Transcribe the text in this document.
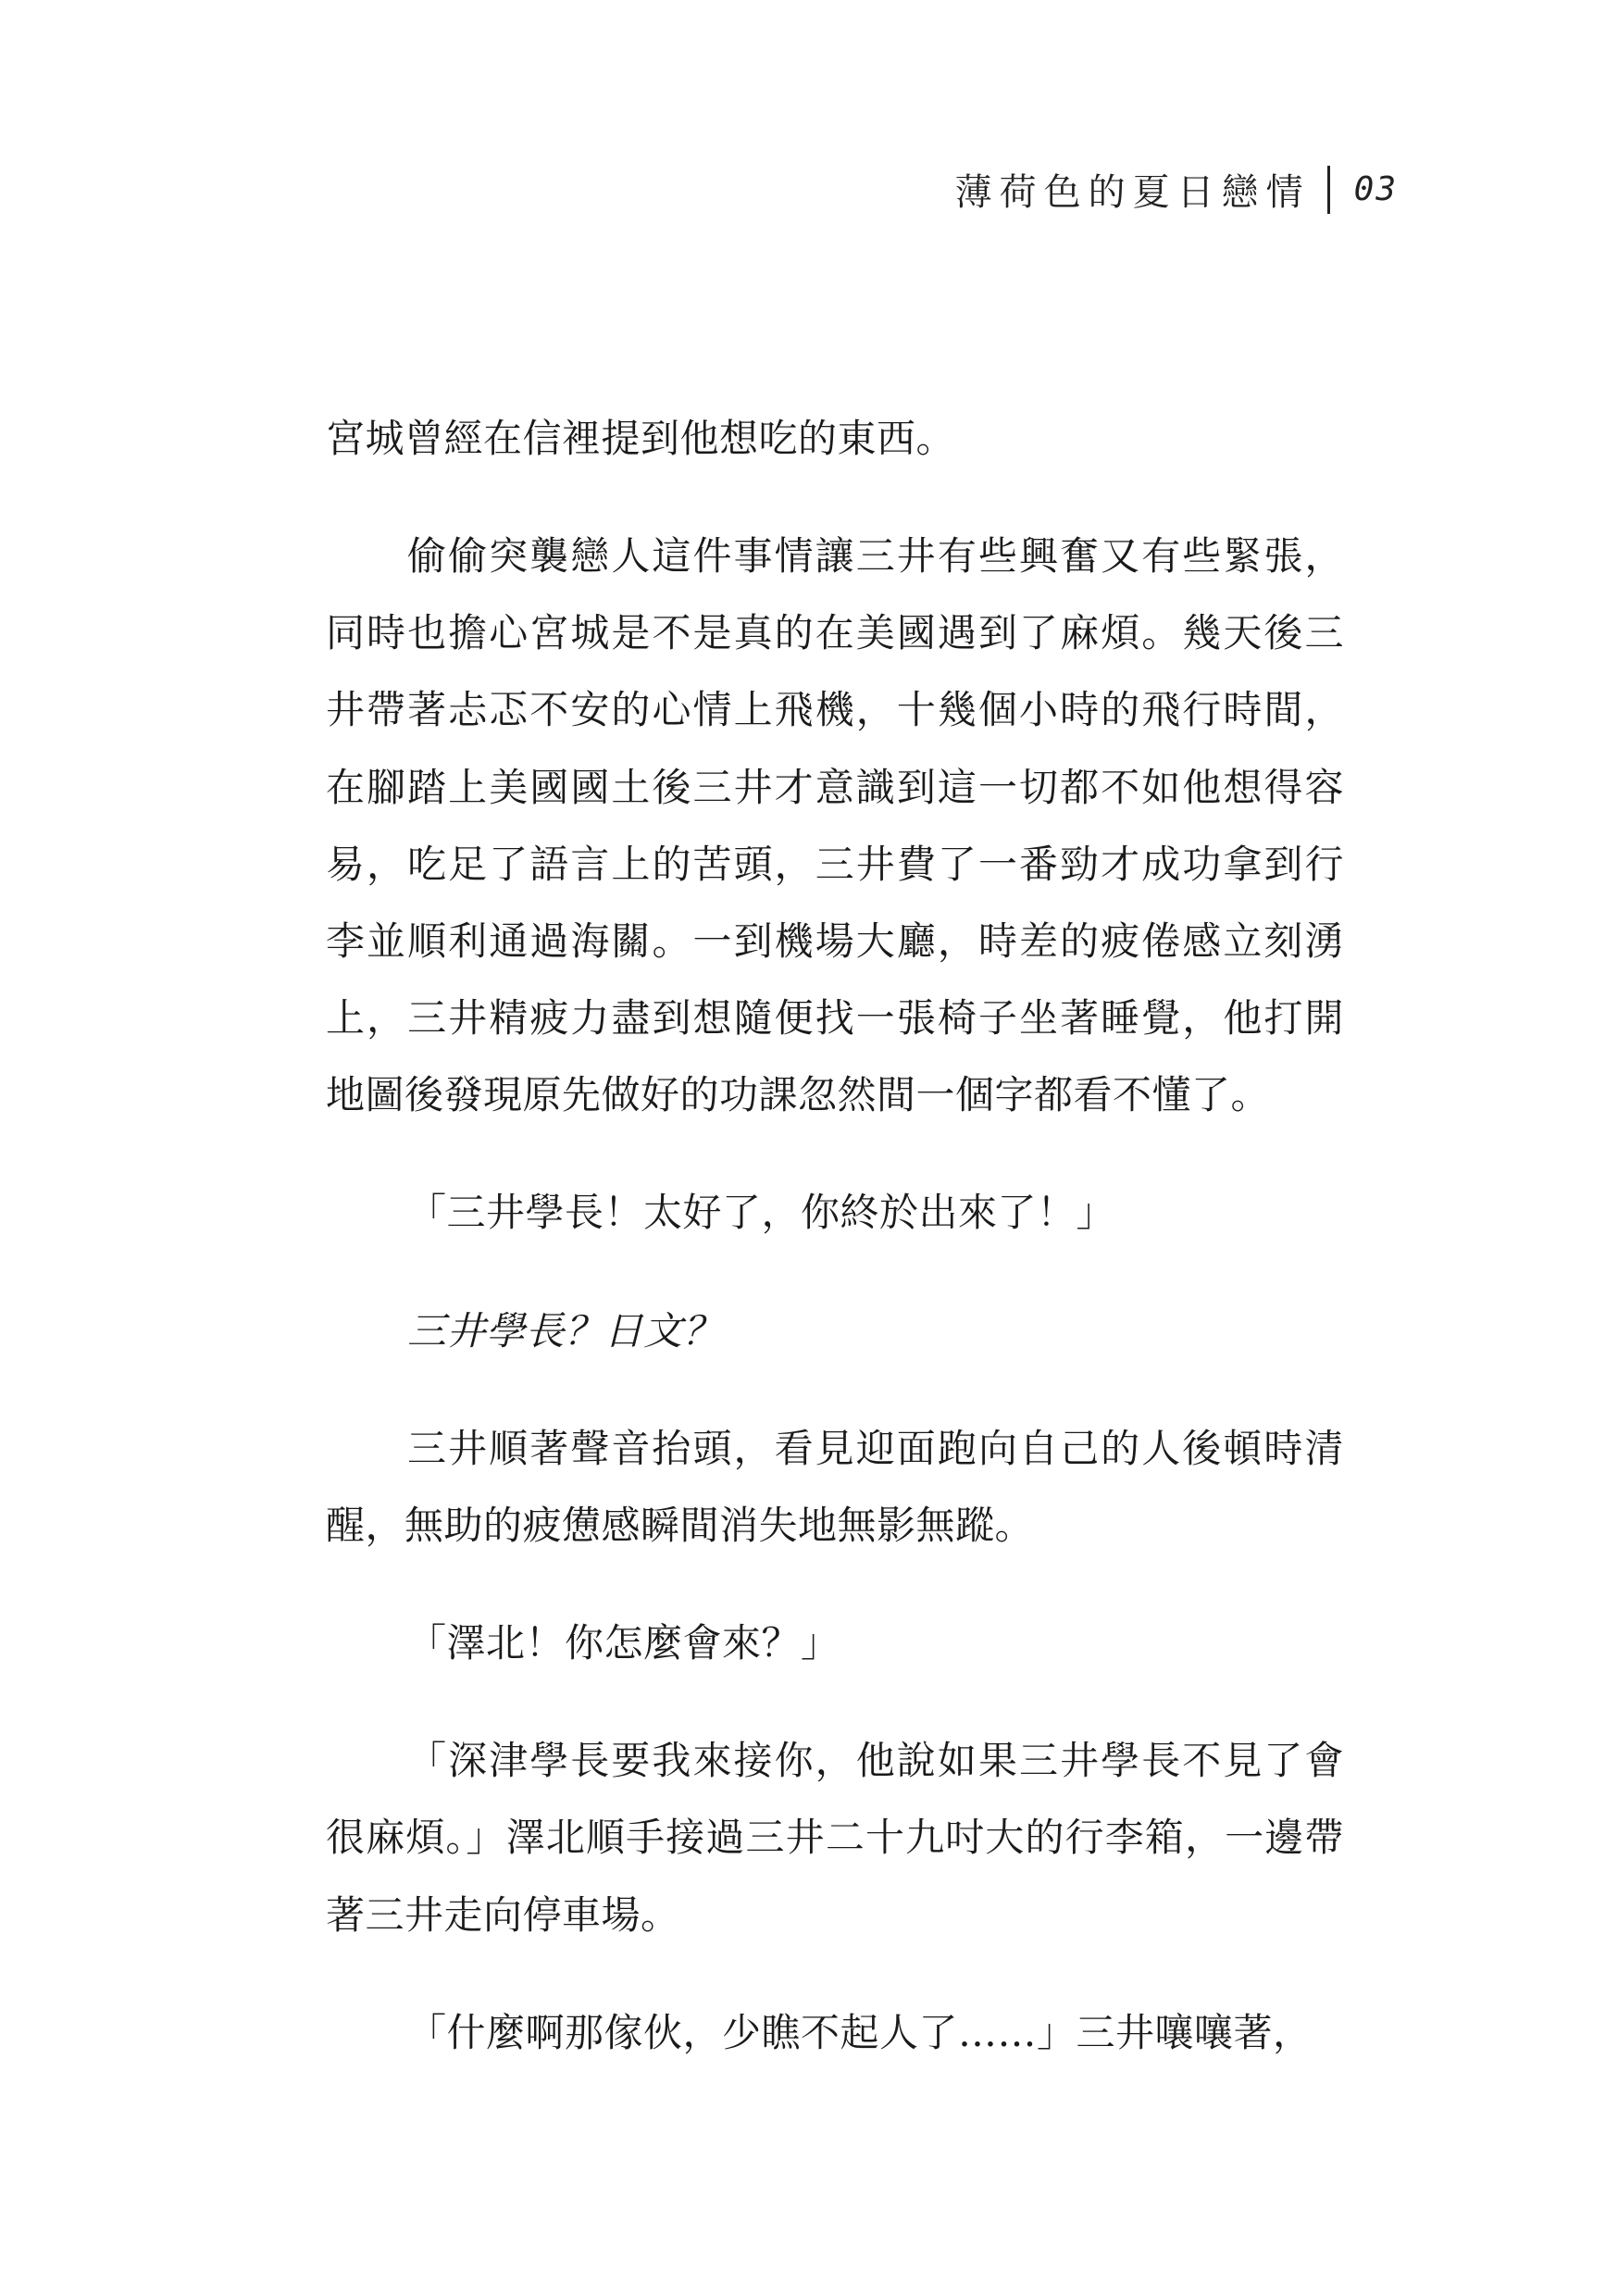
薄荷色的夏日戀情 03

宮城曾經在信裡提到他想吃的東西。

偷偷突襲戀人這件事情讓三井有些興奮又有些緊張，同時也擔心宮城是不是真的在美國遇到了麻煩。幾天後三井帶著忐忑不安的心情上飛機，十幾個小時的飛行時間，在腳踏上美國國土後三井才意識到這一切都不如他想得容易，吃足了語言上的苦頭，三井費了一番勁才成功拿到行李並順利通過海關。一到機場大廳，時差的疲倦感立刻湧上，三井精疲力盡到想隨便找一張椅子坐著睡覺，他打開地圖後發現原先做好的功課忽然間一個字都看不懂了。

「三井學長！太好了，你終於出來了！」

三井學長？日文？

三井順著聲音抬頭，看見迎面跑向自己的人後頓時清醒，無助的疲憊感瞬間消失地無影無蹤。

「澤北！你怎麼會來？」

「深津學長要我來接你，他說如果三井學長不見了會很麻煩。」澤北順手接過三井二十九吋大的行李箱，一邊帶著三井走向停車場。

「什麼啊那傢伙，少瞧不起人了……」三井嚷嚷著，
